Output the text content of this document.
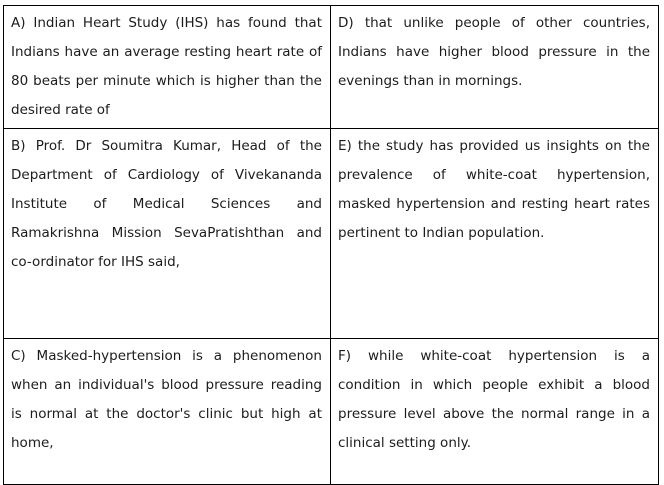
A) Indian Heart Study (IHS) has found that Indians have an average resting heart rate of 80 beats per minute which is higher than the desired rate of	D) that unlike people of other countries, Indians have higher blood pressure in the evenings than in mornings.
B) Prof. Dr Soumitra Kumar, Head of the Department of Cardiology of Vivekananda Institute of Medical Sciences and Ramakrishna Mission SevaPratishthan and co-ordinator for IHS said,	E) the study has provided us insights on the prevalence of white-coat hypertension, masked hypertension and resting heart rates pertinent to Indian population.
C) Masked-hypertension is a phenomenon when an individual's blood pressure reading is normal at the doctor's clinic but high at home,	F) while white-coat hypertension is a condition in which people exhibit a blood pressure level above the normal range in a clinical setting only.
